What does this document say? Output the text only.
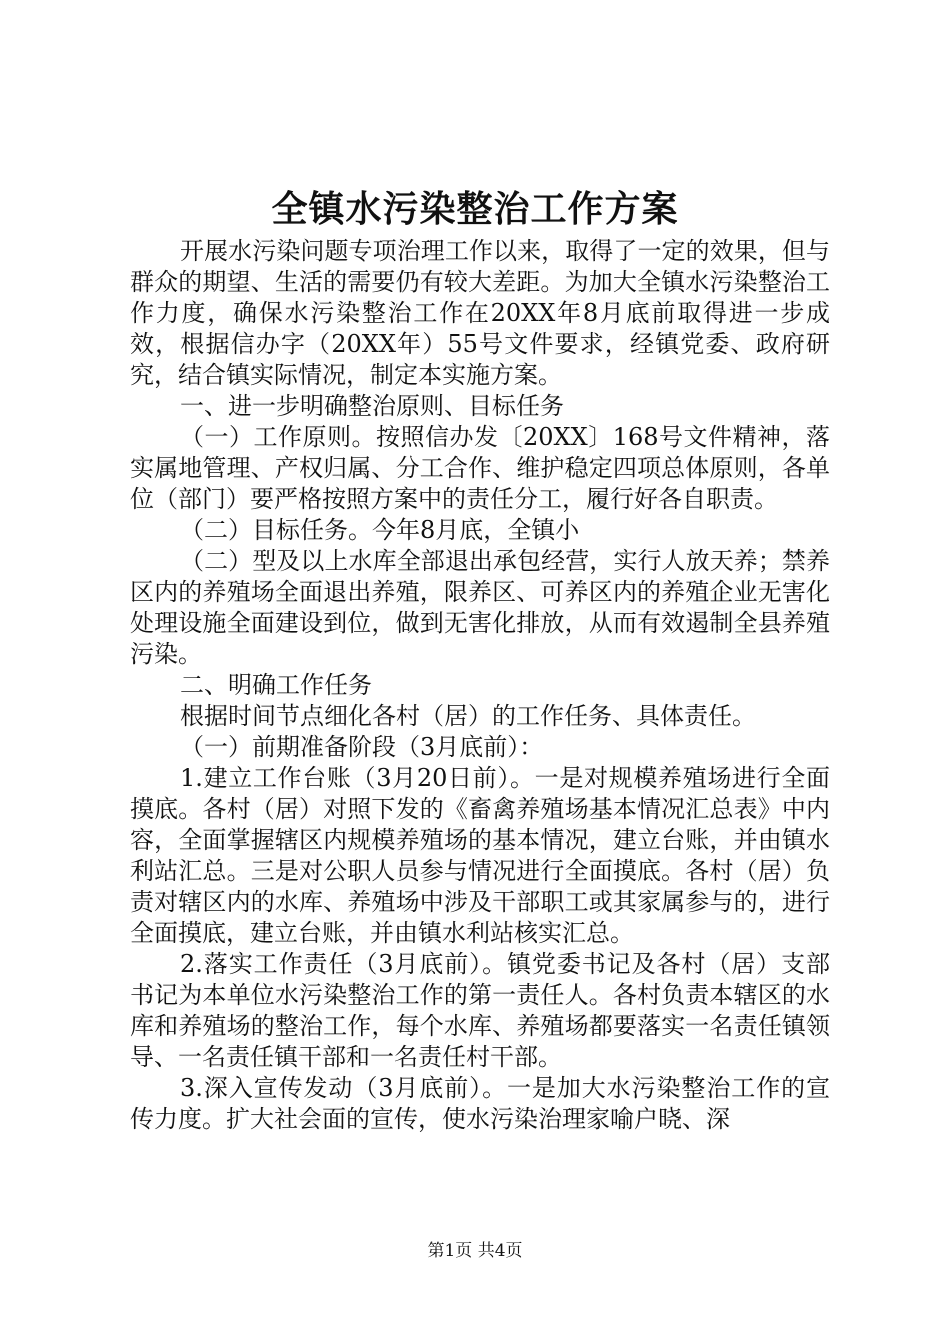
全镇水污染整治工作方案

开展水污染问题专项治理工作以来，取得了一定的效果，但与群众的期望、生活的需要仍有较大差距。为加大全镇水污染整治工作力度，确保水污染整治工作在20XX年8月底前取得进一步成效，根据信办字（20XX年）55号文件要求，经镇党委、政府研究，结合镇实际情况，制定本实施方案。

一、进一步明确整治原则、目标任务

（一）工作原则。按照信办发〔20XX〕168号文件精神，落实属地管理、产权归属、分工合作、维护稳定四项总体原则，各单位（部门）要严格按照方案中的责任分工，履行好各自职责。

（二）目标任务。今年8月底，全镇小

（二）型及以上水库全部退出承包经营，实行人放天养；禁养区内的养殖场全面退出养殖，限养区、可养区内的养殖企业无害化处理设施全面建设到位，做到无害化排放，从而有效遏制全县养殖污染。

二、明确工作任务

根据时间节点细化各村（居）的工作任务、具体责任。

（一）前期准备阶段（3月底前）：

1.建立工作台账（3月20日前）。一是对规模养殖场进行全面摸底。各村（居）对照下发的《畜禽养殖场基本情况汇总表》中内容，全面掌握辖区内规模养殖场的基本情况，建立台账，并由镇水利站汇总。三是对公职人员参与情况进行全面摸底。各村（居）负责对辖区内的水库、养殖场中涉及干部职工或其家属参与的，进行全面摸底，建立台账，并由镇水利站核实汇总。

2.落实工作责任（3月底前）。镇党委书记及各村（居）支部书记为本单位水污染整治工作的第一责任人。各村负责本辖区的水库和养殖场的整治工作，每个水库、养殖场都要落实一名责任镇领导、一名责任镇干部和一名责任村干部。

3.深入宣传发动（3月底前）。一是加大水污染整治工作的宣传力度。扩大社会面的宣传，使水污染治理家喻户晓、深

第1页 共4页
